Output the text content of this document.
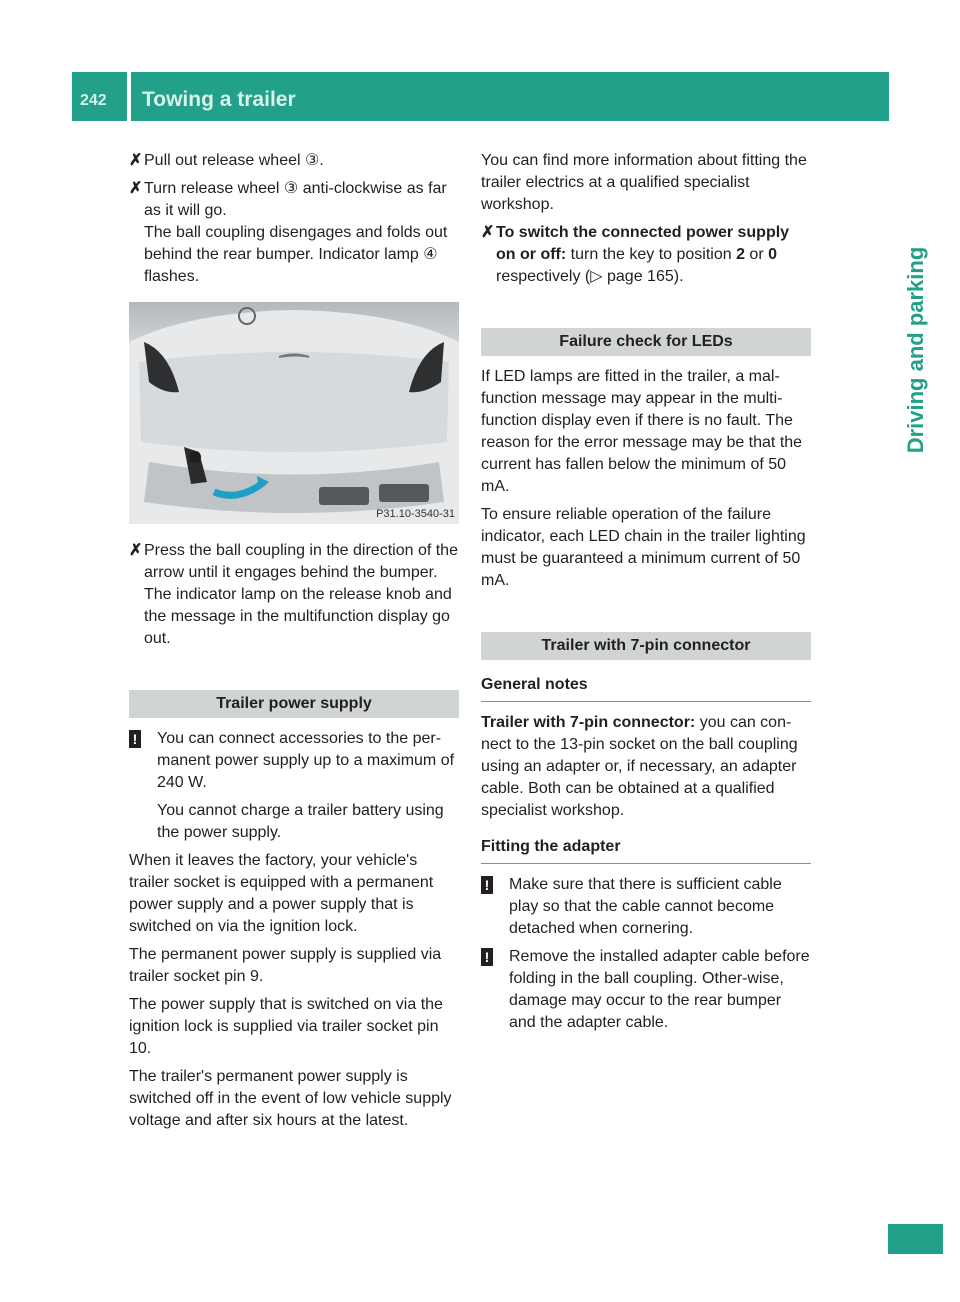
242	Towing a trailer
Driving and parking
✗ Pull out release wheel ③.
✗ Turn release wheel ③ anti-clockwise as far as it will go.
The ball coupling disengages and folds out behind the rear bumper. Indicator lamp ④ flashes.
P31.10-3540-31
✗ Press the ball coupling in the direction of the arrow until it engages behind the bumper.
The indicator lamp on the release knob and the message in the multifunction display go out.
Trailer power supply
! You can connect accessories to the per-manent power supply up to a maximum of 240 W.
You cannot charge a trailer battery using the power supply.

When it leaves the factory, your vehicle's trailer socket is equipped with a permanent power supply and a power supply that is switched on via the ignition lock.

The permanent power supply is supplied via trailer socket pin 9.

The power supply that is switched on via the ignition lock is supplied via trailer socket pin 10.

The trailer's permanent power supply is switched off in the event of low vehicle supply voltage and after six hours at the latest.

You can find more information about fitting the trailer electrics at a qualified specialist workshop.

✗ To switch the connected power supply on or off: turn the key to position 2 or 0 respectively (▷ page 165).
Failure check for LEDs

If LED lamps are fitted in the trailer, a mal-function message may appear in the multi-function display even if there is no fault. The reason for the error message may be that the current has fallen below the minimum of 50 mA.

To ensure reliable operation of the failure indicator, each LED chain in the trailer lighting must be guaranteed a minimum current of 50 mA.

Trailer with 7-pin connector
General notes

Trailer with 7-pin connector: you can con-nect to the 13-pin socket on the ball coupling using an adapter or, if necessary, an adapter cable. Both can be obtained at a qualified specialist workshop.

Fitting the adapter
! Make sure that there is sufficient cable play so that the cable cannot become detached when cornering.
! Remove the installed adapter cable before folding in the ball coupling. Other-wise, damage may occur to the rear bumper and the adapter cable.
